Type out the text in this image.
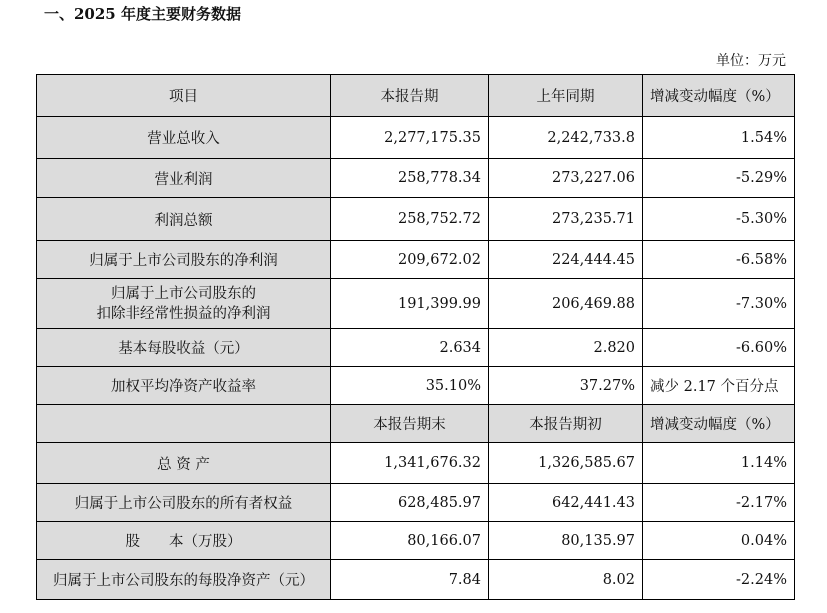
一、2025 年度主要财务数据
单位：万元
项目	本报告期	上年同期	增减变动幅度（%）
营业总收入	2,277,175.35	2,242,733.8	1.54%
营业利润	258,778.34	273,227.06	-5.29%
利润总额	258,752.72	273,235.71	-5.30%
归属于上市公司股东的净利润	209,672.02	224,444.45	-6.58%

归属于上市公司股东的
扣除非经常性损益的净利润	191,399.99	206,469.88	-7.30%
基本每股收益（元）	2.634	2.820	-6.60%
加权平均净资产收益率	35.10%	37.27%	减少 2.17 个百分点
	本报告期末	本报告期初	增减变动幅度（%）
总 资 产	1,341,676.32	1,326,585.67	1.14%
归属于上市公司股东的所有者权益	628,485.97	642,441.43	-2.17%
股　　本（万股）	80,166.07	80,135.97	0.04%
归属于上市公司股东的每股净资产（元）	7.84	8.02	-2.24%
